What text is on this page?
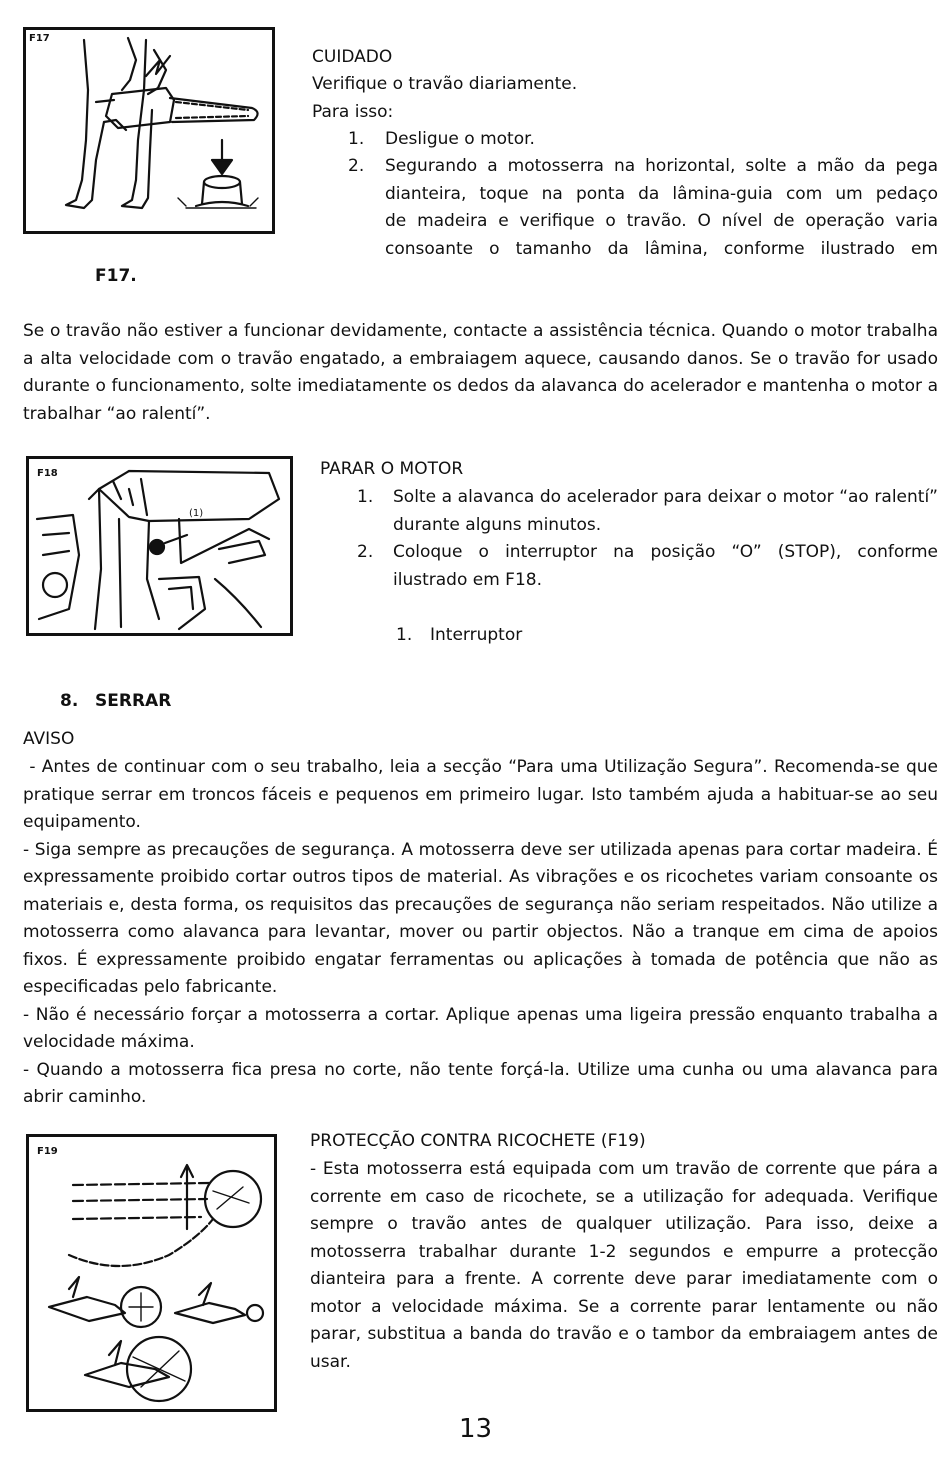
F17
F17.
CUIDADO
Verifique o travão diariamente.
Para isso:
1. Desligue o motor.
2. Segurando a motosserra na horizontal, solte a mão da pega
dianteira, toque na ponta da lâmina-guia com um pedaço
de madeira e verifique o travão. O nível de operação varia
consoante o tamanho da lâmina, conforme ilustrado em
Se o travão não estiver a funcionar devidamente, contacte a assistência técnica. Quando o motor trabalha a alta velocidade com o travão engatado, a embraiagem aquece, causando danos. Se o travão for usado durante o funcionamento, solte imediatamente os dedos da alavanca do acelerador e mantenha o motor a trabalhar “ao ralentí”.
F18
(1)
PARAR O MOTOR
1. Solte a alavanca do acelerador para deixar o motor “ao ralentí” durante alguns minutos.
2. Coloque o interruptor na posição “O” (STOP), conforme ilustrado em F18.
1. Interruptor
8. SERRAR
AVISO
- Antes de continuar com o seu trabalho, leia a secção “Para uma Utilização Segura”. Recomenda-se que pratique serrar em troncos fáceis e pequenos em primeiro lugar. Isto também ajuda a habituar-se ao seu equipamento.
- Siga sempre as precauções de segurança. A motosserra deve ser utilizada apenas para cortar madeira. É expressamente proibido cortar outros tipos de material. As vibrações e os ricochetes variam consoante os materiais e, desta forma, os requisitos das precauções de segurança não seriam respeitados. Não utilize a motosserra como alavanca para levantar, mover ou partir objectos. Não a tranque em cima de apoios fixos. É expressamente proibido engatar ferramentas ou aplicações à tomada de potência que não as especificadas pelo fabricante.
- Não é necessário forçar a motosserra a cortar. Aplique apenas uma ligeira pressão enquanto trabalha a velocidade máxima.
- Quando a motosserra fica presa no corte, não tente forçá-la. Utilize uma cunha ou uma alavanca para abrir caminho.
F19
PROTECÇÃO CONTRA RICOCHETE (F19)
- Esta motosserra está equipada com um travão de corrente que pára a corrente em caso de ricochete, se a utilização for adequada. Verifique sempre o travão antes de qualquer utilização. Para isso, deixe a motosserra trabalhar durante 1-2 segundos e empurre a protecção dianteira para a frente. A corrente deve parar imediatamente com o motor a velocidade máxima. Se a corrente parar lentamente ou não parar, substitua a banda do travão e o tambor da embraiagem antes de usar.
13
